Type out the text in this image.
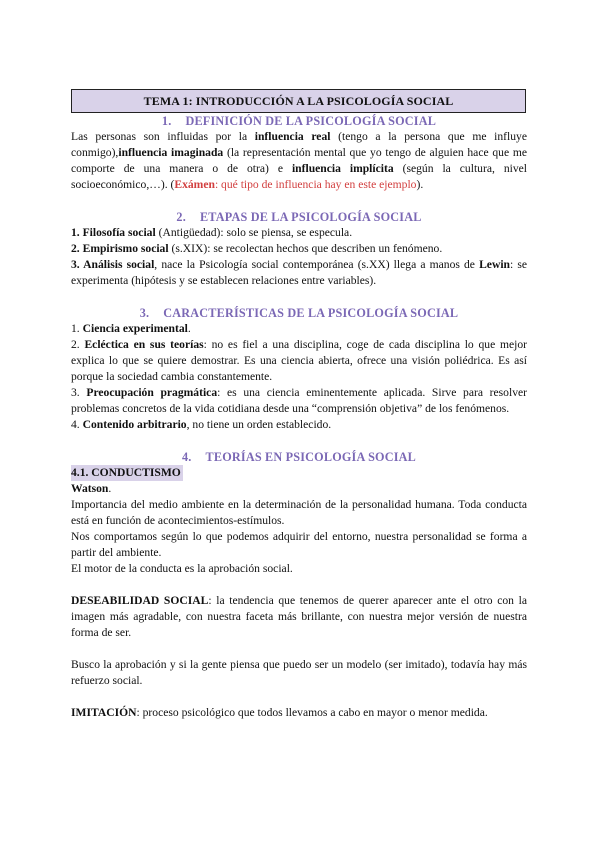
TEMA 1: INTRODUCCIÓN A LA PSICOLOGÍA SOCIAL
1. DEFINICIÓN DE LA PSICOLOGÍA SOCIAL

Las personas son influidas por la influencia real (tengo a la persona que me influye conmigo),influencia imaginada (la representación mental que yo tengo de alguien hace que me comporte de una manera o de otra) e influencia implícita (según la cultura, nivel socioeconómico,…). (Exámen: qué tipo de influencia hay en este ejemplo).

2. ETAPAS DE LA PSICOLOGÍA SOCIAL

1. Filosofía social (Antigüedad): solo se piensa, se especula.

2. Empirismo social (s.XIX): se recolectan hechos que describen un fenómeno.

3. Análisis social, nace la Psicología social contemporánea (s.XX) llega a manos de Lewin: se experimenta (hipótesis y se establecen relaciones entre variables).

3. CARACTERÍSTICAS DE LA PSICOLOGÍA SOCIAL

1. Ciencia experimental.

2. Ecléctica en sus teorías: no es fiel a una disciplina, coge de cada disciplina lo que mejor explica lo que se quiere demostrar. Es una ciencia abierta, ofrece una visión poliédrica. Es así porque la sociedad cambia constantemente.

3. Preocupación pragmática: es una ciencia eminentemente aplicada. Sirve para resolver problemas concretos de la vida cotidiana desde una “comprensión objetiva” de los fenómenos.

4. Contenido arbitrario, no tiene un orden establecido.

4. TEORÍAS EN PSICOLOGÍA SOCIAL
4.1. CONDUCTISMO

Watson.

Importancia del medio ambiente en la determinación de la personalidad humana. Toda conducta está en función de acontecimientos-estímulos.

Nos comportamos según lo que podemos adquirir del entorno, nuestra personalidad se forma a partir del ambiente.

El motor de la conducta es la aprobación social.

DESEABILIDAD SOCIAL: la tendencia que tenemos de querer aparecer ante el otro con la imagen más agradable, con nuestra faceta más brillante, con nuestra mejor versión de nuestra forma de ser.

Busco la aprobación y si la gente piensa que puedo ser un modelo (ser imitado), todavía hay más refuerzo social.

IMITACIÓN: proceso psicológico que todos llevamos a cabo en mayor o menor medida.
